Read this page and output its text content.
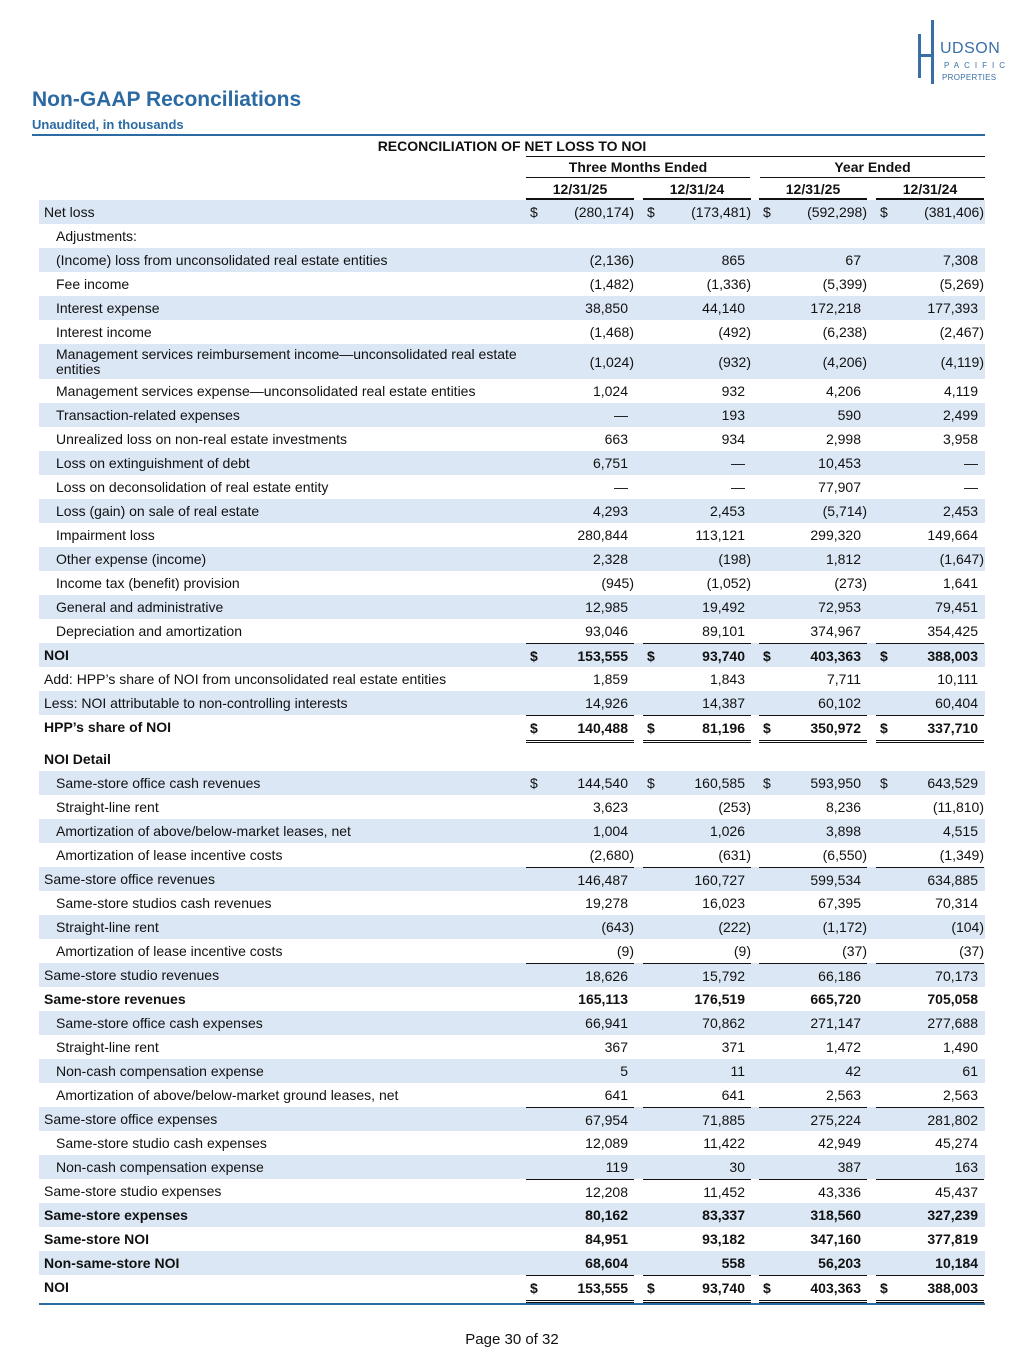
UDSON
PACIFIC
PROPERTIES
Non-GAAP Reconciliations
Unaudited, in thousands
RECONCILIATION OF NET LOSS TO NOI
Three Months Ended	Year Ended
12/31/25	12/31/24	12/31/25	12/31/24
Net loss	$	(280,174) $	(173,481) $	(592,298) $	(381,406)
Adjustments:
(Income) loss from unconsolidated real estate entities	(2,136)	865	67	7,308
Fee income	(1,482)	(1,336)	(5,399)	(5,269)
Interest expense	38,850	44,140	172,218	177,393
Interest income	(1,468)	(492)	(6,238)	(2,467)
Management services reimbursement income—unconsolidated real estate entities	(1,024)	(932)	(4,206)	(4,119)
Management services expense—unconsolidated real estate entities	1,024	932	4,206	4,119
Transaction-related expenses	—	193	590	2,499
Unrealized loss on non-real estate investments	663	934	2,998	3,958
Loss on extinguishment of debt	6,751	—	10,453	—
Loss on deconsolidation of real estate entity	—	—	77,907	—
Loss (gain) on sale of real estate	4,293	2,453	(5,714)	2,453
Impairment loss	280,844	113,121	299,320	149,664
Other expense (income)	2,328	(198)	1,812	(1,647)
Income tax (benefit) provision	(945)	(1,052)	(273)	1,641
General and administrative	12,985	19,492	72,953	79,451
Depreciation and amortization	93,046	89,101	374,967	354,425
NOI	$	153,555	$	93,740	$	403,363	$	388,003
Add: HPP’s share of NOI from unconsolidated real estate entities	1,859	1,843	7,711	10,111
Less: NOI attributable to non-controlling interests	14,926	14,387	60,102	60,404
HPP’s share of NOI	$	140,488	$	81,196	$	350,972	$	337,710
NOI Detail
Same-store office cash revenues	$	144,540	$	160,585	$	593,950	$	643,529
Straight-line rent	3,623	(253)	8,236	(11,810)
Amortization of above/below-market leases, net	1,004	1,026	3,898	4,515
Amortization of lease incentive costs	(2,680)	(631)	(6,550)	(1,349)
Same-store office revenues	146,487	160,727	599,534	634,885
Same-store studios cash revenues	19,278	16,023	67,395	70,314
Straight-line rent	(643)	(222)	(1,172)	(104)
Amortization of lease incentive costs	(9)	(9)	(37)	(37)
Same-store studio revenues	18,626	15,792	66,186	70,173
Same-store revenues	165,113	176,519	665,720	705,058
Same-store office cash expenses	66,941	70,862	271,147	277,688
Straight-line rent	367	371	1,472	1,490
Non-cash compensation expense	5	11	42	61
Amortization of above/below-market ground leases, net	641	641	2,563	2,563
Same-store office expenses	67,954	71,885	275,224	281,802
Same-store studio cash expenses	12,089	11,422	42,949	45,274
Non-cash compensation expense	119	30	387	163
Same-store studio expenses	12,208	11,452	43,336	45,437
Same-store expenses	80,162	83,337	318,560	327,239
Same-store NOI	84,951	93,182	347,160	377,819
Non-same-store NOI	68,604	558	56,203	10,184
NOI	$	153,555	$	93,740	$	403,363	$	388,003
Page 30 of 32
